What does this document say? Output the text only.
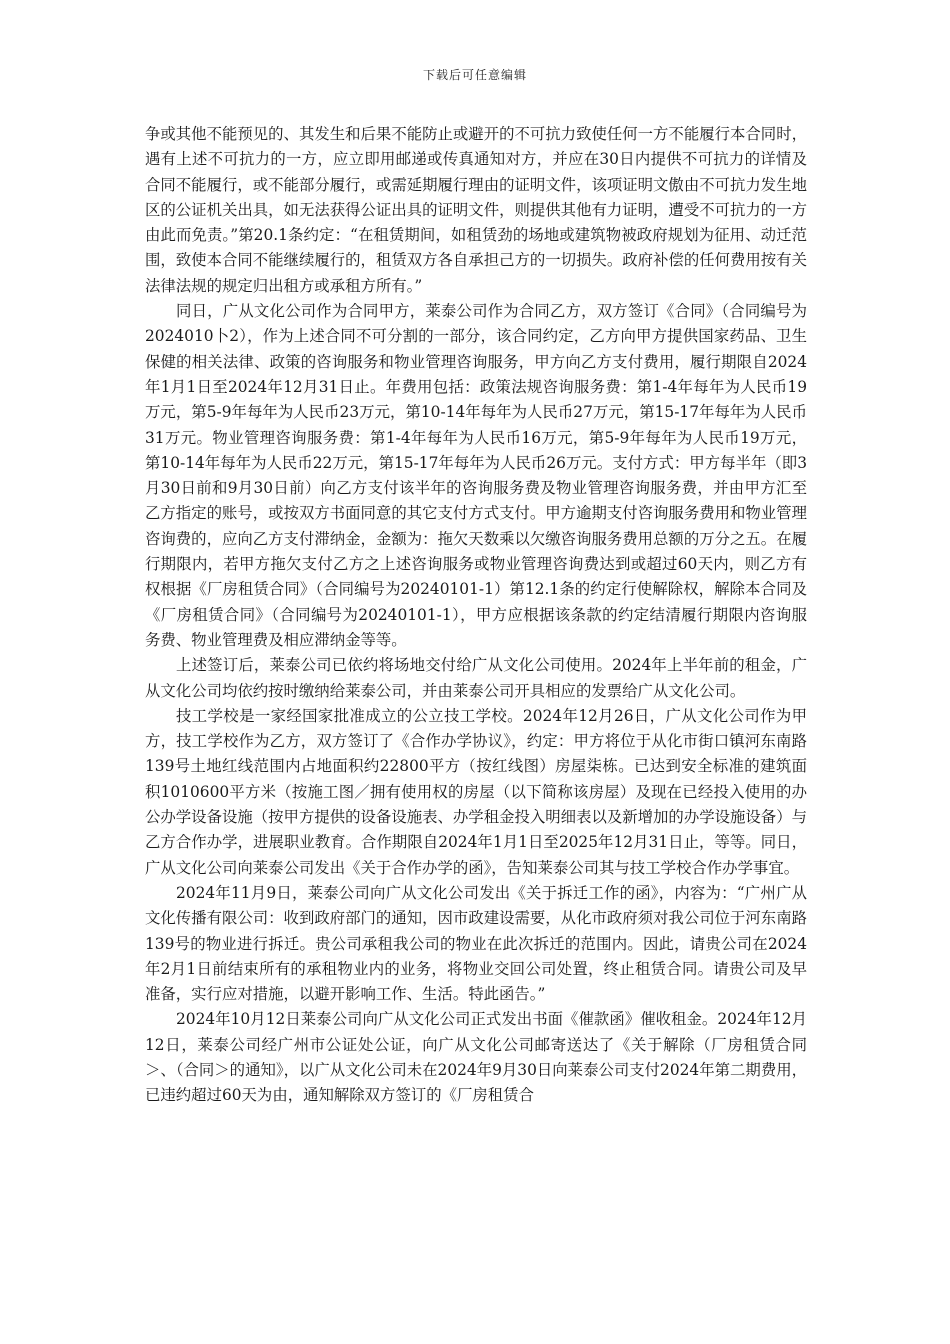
下载后可任意编辑

争或其他不能预见的、其发生和后果不能防止或避开的不可抗力致使任何一方不能履行本合同时，遇有上述不可抗力的一方，应立即用邮递或传真通知对方，并应在30日内提供不可抗力的详情及合同不能履行，或不能部分履行，或需延期履行理由的证明文件，该项证明文傲由不可抗力发生地区的公证机关出具，如无法获得公证出具的证明文件，则提供其他有力证明，遭受不可抗力的一方由此而免责。”第20.1条约定：“在租赁期间，如租赁劲的场地或建筑物被政府规划为征用、动迁范围，致使本合同不能继续履行的，租赁双方各自承担己方的一切损失。政府补偿的任何费用按有关法律法规的规定归出租方或承租方所有。”

同日，广从文化公司作为合同甲方，莱泰公司作为合同乙方，双方签订《合同》（合同编号为2024010卜2），作为上述合同不可分割的一部分，该合同约定，乙方向甲方提供国家药品、卫生保健的相关法律、政策的咨询服务和物业管理咨询服务，甲方向乙方支付费用，履行期限自2024年1月1日至2024年12月31日止。年费用包括：政策法规咨询服务费：第1-4年每年为人民币19万元，第5-9年每年为人民币23万元，第10-14年每年为人民币27万元，第15-17年每年为人民币31万元。物业管理咨询服务费：第1-4年每年为人民币16万元，第5-9年每年为人民币19万元，第10-14年每年为人民币22万元，第15-17年每年为人民币26万元。支付方式：甲方每半年（即3月30日前和9月30日前）向乙方支付该半年的咨询服务费及物业管理咨询服务费，并由甲方汇至乙方指定的账号，或按双方书面同意的其它支付方式支付。甲方逾期支付咨询服务费用和物业管理咨询费的，应向乙方支付滞纳金，金额为：拖欠天数乘以欠缴咨询服务费用总额的万分之五。在履行期限内，若甲方拖欠支付乙方之上述咨询服务或物业管理咨询费达到或超过60天内，则乙方有权根据《厂房租赁合同》（合同编号为20240101-1）第12.1条的约定行使解除权，解除本合同及《厂房租赁合同》（合同编号为20240101-1），甲方应根据该条款的约定结清履行期限内咨询服务费、物业管理费及相应滞纳金等等。

上述签订后，莱泰公司已依约将场地交付给广从文化公司使用。2024年上半年前的租金，广从文化公司均依约按时缴纳给莱泰公司，并由莱泰公司开具相应的发票给广从文化公司。

技工学校是一家经国家批准成立的公立技工学校。2024年12月26日，广从文化公司作为甲方，技工学校作为乙方，双方签订了《合作办学协议》，约定：甲方将位于从化市街口镇河东南路139号土地红线范围内占地面积约22800平方（按红线图）房屋柒栋。已达到安全标准的建筑面积1010600平方米（按施工图／拥有使用权的房屋（以下简称该房屋）及现在已经投入使用的办公办学设备设施（按甲方提供的设备设施表、办学租金投入明细表以及新增加的办学设施设备）与乙方合作办学，进展职业教育。合作期限自2024年1月1日至2025年12月31日止，等等。同日，广从文化公司向莱泰公司发出《关于合作办学的函》，告知莱泰公司其与技工学校合作办学事宜。

2024年11月9日，莱泰公司向广从文化公司发出《关于拆迁工作的函》，内容为：“广州广从文化传播有限公司：收到政府部门的通知，因市政建设需要，从化市政府须对我公司位于河东南路139号的物业进行拆迁。贵公司承租我公司的物业在此次拆迁的范围内。因此，请贵公司在2024年2月1日前结束所有的承租物业内的业务，将物业交回公司处置，终止租赁合同。请贵公司及早准备，实行应对措施，以避开影响工作、生活。特此函告。”

2024年10月12日莱泰公司向广从文化公司正式发出书面《催款函》催收租金。2024年12月12日，莱泰公司经广州市公证处公证，向广从文化公司邮寄送达了《关于解除（厂房租赁合同＞、（合同＞的通知》，以广从文化公司未在2024年9月30日向莱泰公司支付2024年第二期费用，已违约超过60天为由，通知解除双方签订的《厂房租赁合
